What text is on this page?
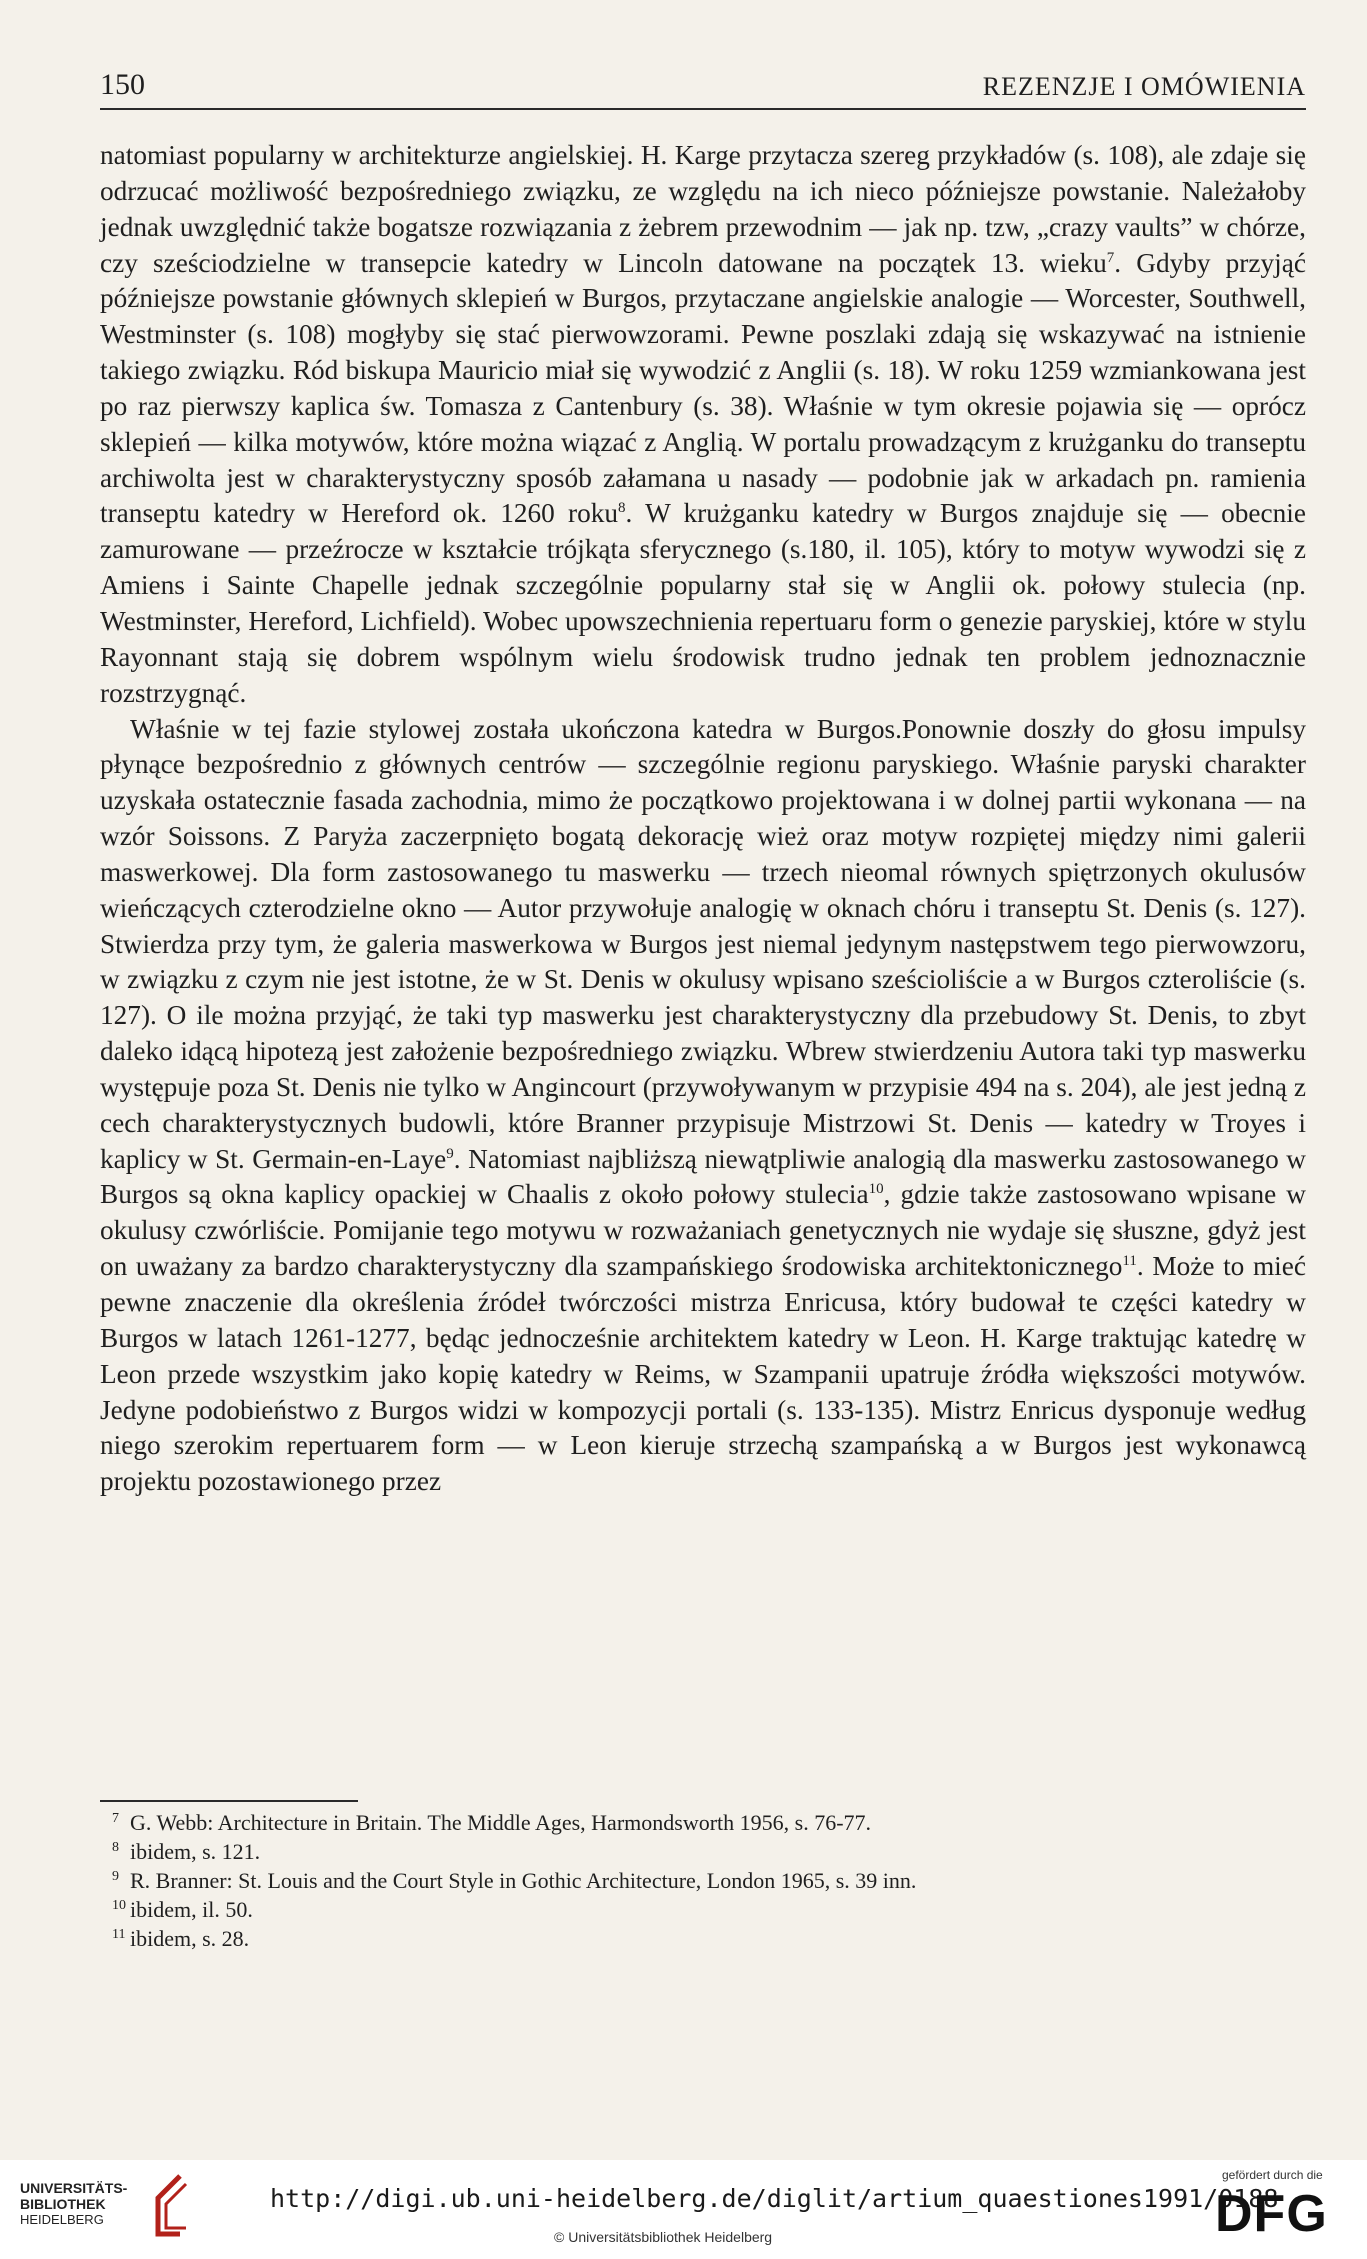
150	REZENZJE I OMÓWIENIA

natomiast popularny w architekturze angielskiej. H. Karge przytacza szereg przykładów (s. 108), ale zdaje się odrzucać możliwość bezpośredniego związku, ze względu na ich nieco późniejsze powstanie. Należałoby jednak uwzględnić także bogatsze rozwiązania z żebrem przewodnim — jak np. tzw, „crazy vaults” w chórze, czy sześciodzielne w transepcie katedry w Lincoln datowane na początek 13. wieku$^7$. Gdyby przyjąć późniejsze powstanie głównych sklepień w Burgos, przytaczane angielskie analogie — Worcester, Southwell, Westminster (s. 108) mogłyby się stać pierwowzorami. Pewne poszlaki zdają się wskazywać na istnienie takiego związku. Ród biskupa Mauricio miał się wywodzić z Anglii (s. 18). W roku 1259 wzmiankowana jest po raz pierwszy kaplica św. Tomasza z Cantenbury (s. 38). Właśnie w tym okresie pojawia się — oprócz sklepień — kilka motywów, które można wiązać z Anglią. W portalu prowadzącym z krużganku do transeptu archiwolta jest w charakterystyczny sposób załamana u nasady — podobnie jak w arkadach pn. ramienia transeptu katedry w Hereford ok. 1260 roku$^8$. W krużganku katedry w Burgos znajduje się — obecnie zamurowane — przeźrocze w kształcie trójkąta sferycznego (s.180, il. 105), który to motyw wywodzi się z Amiens i Sainte Chapelle jednak szczególnie popularny stał się w Anglii ok. połowy stulecia (np. Westminster, Hereford, Lichfield). Wobec upowszechnienia repertuaru form o genezie paryskiej, które w stylu Rayonnant stają się dobrem wspólnym wielu środowisk trudno jednak ten problem jednoznacznie rozstrzygnąć.

Właśnie w tej fazie stylowej została ukończona katedra w Burgos.Ponownie doszły do głosu impulsy płynące bezpośrednio z głównych centrów — szczególnie regionu paryskiego. Właśnie paryski charakter uzyskała ostatecznie fasada zachodnia, mimo że początkowo projektowana i w dolnej partii wykonana — na wzór Soissons. Z Paryża zaczerpnięto bogatą dekorację wież oraz motyw rozpiętej między nimi galerii maswerkowej. Dla form zastosowanego tu maswerku — trzech nieomal równych spiętrzonych okulusów wieńczących czterodzielne okno — Autor przywołuje analogię w oknach chóru i transeptu St. Denis (s. 127). Stwierdza przy tym, że galeria maswerkowa w Burgos jest niemal jedynym następstwem tego pierwowzoru, w związku z czym nie jest istotne, że w St. Denis w okulusy wpisano sześcioliście a w Burgos czteroliście (s. 127). O ile można przyjąć, że taki typ maswerku jest charakterystyczny dla przebudowy St. Denis, to zbyt daleko idącą hipotezą jest założenie bezpośredniego związku. Wbrew stwierdzeniu Autora taki typ maswerku występuje poza St. Denis nie tylko w Angincourt (przywoływanym w przypisie 494 na s. 204), ale jest jedną z cech charakterystycznych budowli, które Branner przypisuje Mistrzowi St. Denis — katedry w Troyes i kaplicy w St. Germain-en-Laye$^9$. Natomiast najbliższą niewątpliwie analogią dla maswerku zastosowanego w Burgos są okna kaplicy opackiej w Chaalis z około połowy stulecia$^{10}$, gdzie także zastosowano wpisane w okulusy czwórliście. Pomijanie tego motywu w rozważaniach genetycznych nie wydaje się słuszne, gdyż jest on uważany za bardzo charakterystyczny dla szampańskiego środowiska architektonicznego$^{11}$. Może to mieć pewne znaczenie dla określenia źródeł twórczości mistrza Enricusa, który budował te części katedry w Burgos w latach 1261-1277, będąc jednocześnie architektem katedry w Leon. H. Karge traktując katedrę w Leon przede wszystkim jako kopię katedry w Reims, w Szampanii upatruje źródła większości motywów. Jedyne podobieństwo z Burgos widzi w kompozycji portali (s. 133-135). Mistrz Enricus dysponuje według niego szerokim repertuarem form — w Leon kieruje strzechą szampańską a w Burgos jest wykonawcą projektu pozostawionego przez

7 G. Webb: Architecture in Britain. The Middle Ages, Harmondsworth 1956, s. 76-77.
8 ibidem, s. 121.
9 R. Branner: St. Louis and the Court Style in Gothic Architecture, London 1965, s. 39 inn.
10 ibidem, il. 50.
11 ibidem, s. 28.
UNIVERSITÄTS-
BIBLIOTHEK
HEIDELBERG
http://digi.ub.uni-heidelberg.de/diglit/artium_quaestiones1991/0188
© Universitätsbibliothek Heidelberg
gefördert durch die
DFG
